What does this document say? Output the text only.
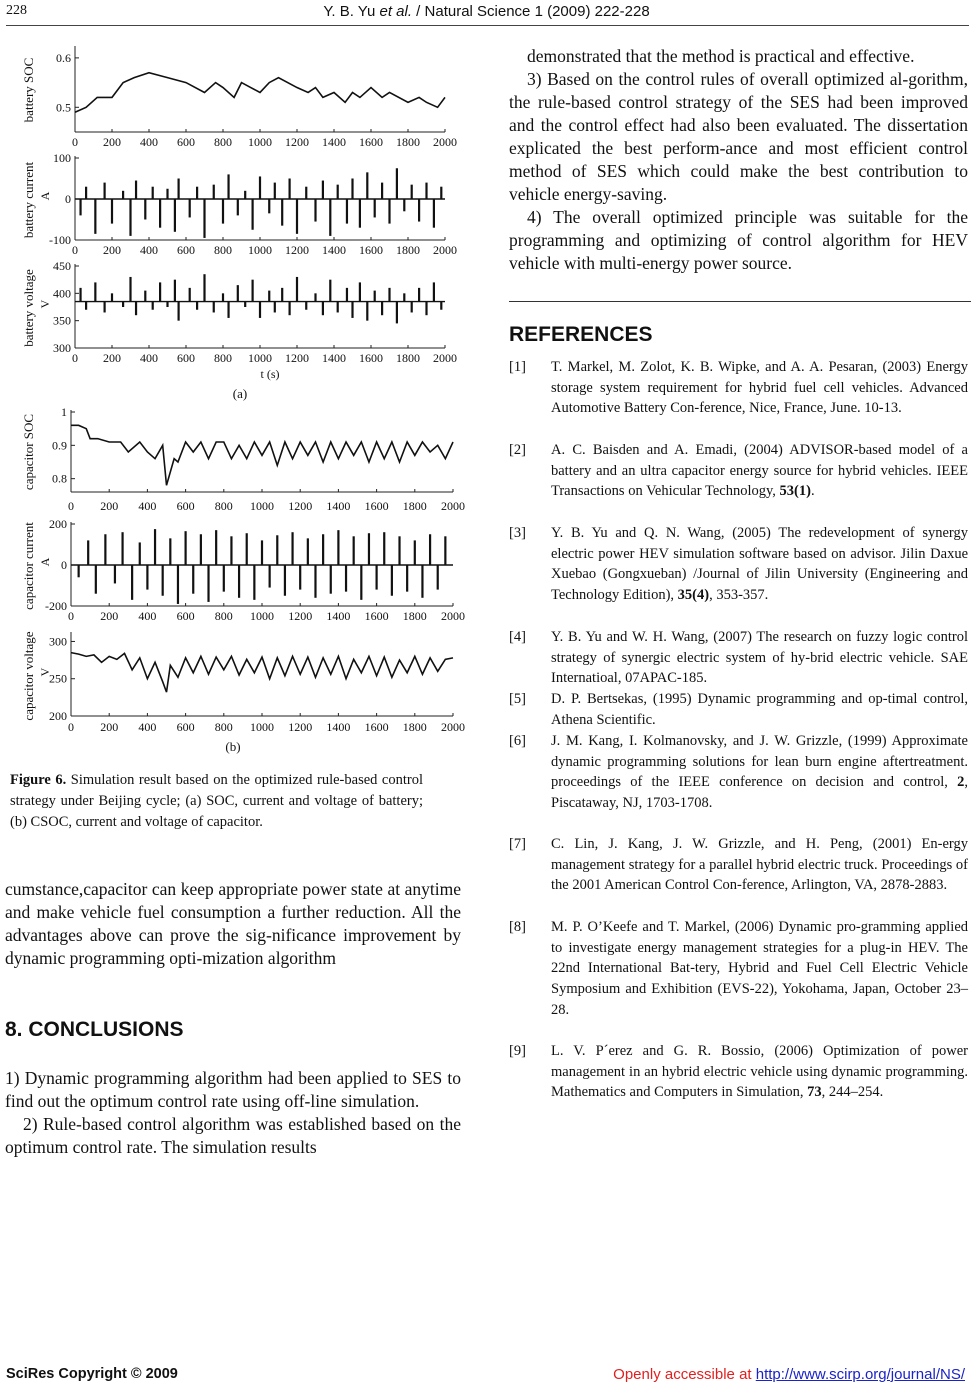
228	Y. B. Yu et al. / Natural Science 1 (2009) 222-228
0.6
0.5
0 200 400 600 800 1000 1200 1400 1600 1800 2000
battery SOC
100
0
-100
0 200 400 600 800 1000 1200 1400 1600 1800 2000
battery current A
450
400
350
300
0 200 400 600 800 1000 1200 1400 1600 1800 2000
battery voltage V
t (s)
1
0.9
0.8
0 200 400 600 800 1000 1200 1400 1600 1800 2000
capacitor SOC
200
0
-200
0 200 400 600 800 1000 1200 1400 1600 1800 2000
capacitor current A
300
250
200
0 200 400 600 800 1000 1200 1400 1600 1800 2000
capacitor voltage V
(a)
(b)
Figure 6. Simulation result based on the optimized rule-based control strategy under Beijing cycle; (a) SOC, current and voltage of battery; (b) CSOC, current and voltage of capacitor.

cumstance,capacitor can keep appropriate power state at anytime and make vehicle fuel consumption a further reduction. All the advantages above can prove the sig-nificance improvement by dynamic programming opti-mization algorithm

8. CONCLUSIONS

1) Dynamic programming algorithm had been applied to SES to find out the optimum control rate using off-line simulation.

2) Rule-based control algorithm was established based on the optimum control rate. The simulation results

demonstrated that the method is practical and effective.

3) Based on the control rules of overall optimized al-gorithm, the rule-based control strategy of the SES had been improved and the control effect had also been evaluated. The dissertation explicated the best perform-ance and most efficient control method of SES which could make the best contribution to vehicle energy-saving.

4) The overall optimized principle was suitable for the programming and optimizing of control algorithm for HEV vehicle with multi-energy power source.

REFERENCES
[1]	T. Markel, M. Zolot, K. B. Wipke, and A. A. Pesaran, (2003) Energy storage system requirement for hybrid fuel cell vehicles. Advanced Automotive Battery Con-ference, Nice, France, June. 10-13.
[2]	A. C. Baisden and A. Emadi, (2004) ADVISOR-based model of a battery and an ultra capacitor energy source for hybrid vehicles. IEEE Transactions on Vehicular Technology, 53(1).
[3]	Y. B. Yu and Q. N. Wang, (2005) The redevelopment of synergy electric power HEV simulation software based on advisor. Jilin Daxue Xuebao (Gongxueban) /Journal of Jilin University (Engineering and Technology Edition), 35(4), 353-357.
[4]	Y. B. Yu and W. H. Wang, (2007) The research on fuzzy logic control strategy of synergic electric system of hy-brid electric vehicle. SAE Internatioal, 07APAC-185.
[5]	D. P. Bertsekas, (1995) Dynamic programming and op-timal control, Athena Scientific.
[6]	J. M. Kang, I. Kolmanovsky, and J. W. Grizzle, (1999) Approximate dynamic programming solutions for lean burn engine aftertreatment. proceedings of the IEEE conference on decision and control, 2, Piscataway, NJ, 1703-1708.
[7]	C. Lin, J. Kang, J. W. Grizzle, and H. Peng, (2001) En-ergy management strategy for a parallel hybrid electric truck. Proceedings of the 2001 American Control Con-ference, Arlington, VA, 2878-2883.
[8]	M. P. O’Keefe and T. Markel, (2006) Dynamic pro-gramming applied to investigate energy management strategies for a plug-in HEV. The 22nd International Bat-tery, Hybrid and Fuel Cell Electric Vehicle Symposium and Exhibition (EVS-22), Yokohama, Japan, October 23–28.
[9]	L. V. P´erez and G. R. Bossio, (2006) Optimization of power management in an hybrid electric vehicle using dynamic programming. Mathematics and Computers in Simulation, 73, 244–254.
SciRes Copyright © 2009	Openly accessible at http://www.scirp.org/journal/NS/
